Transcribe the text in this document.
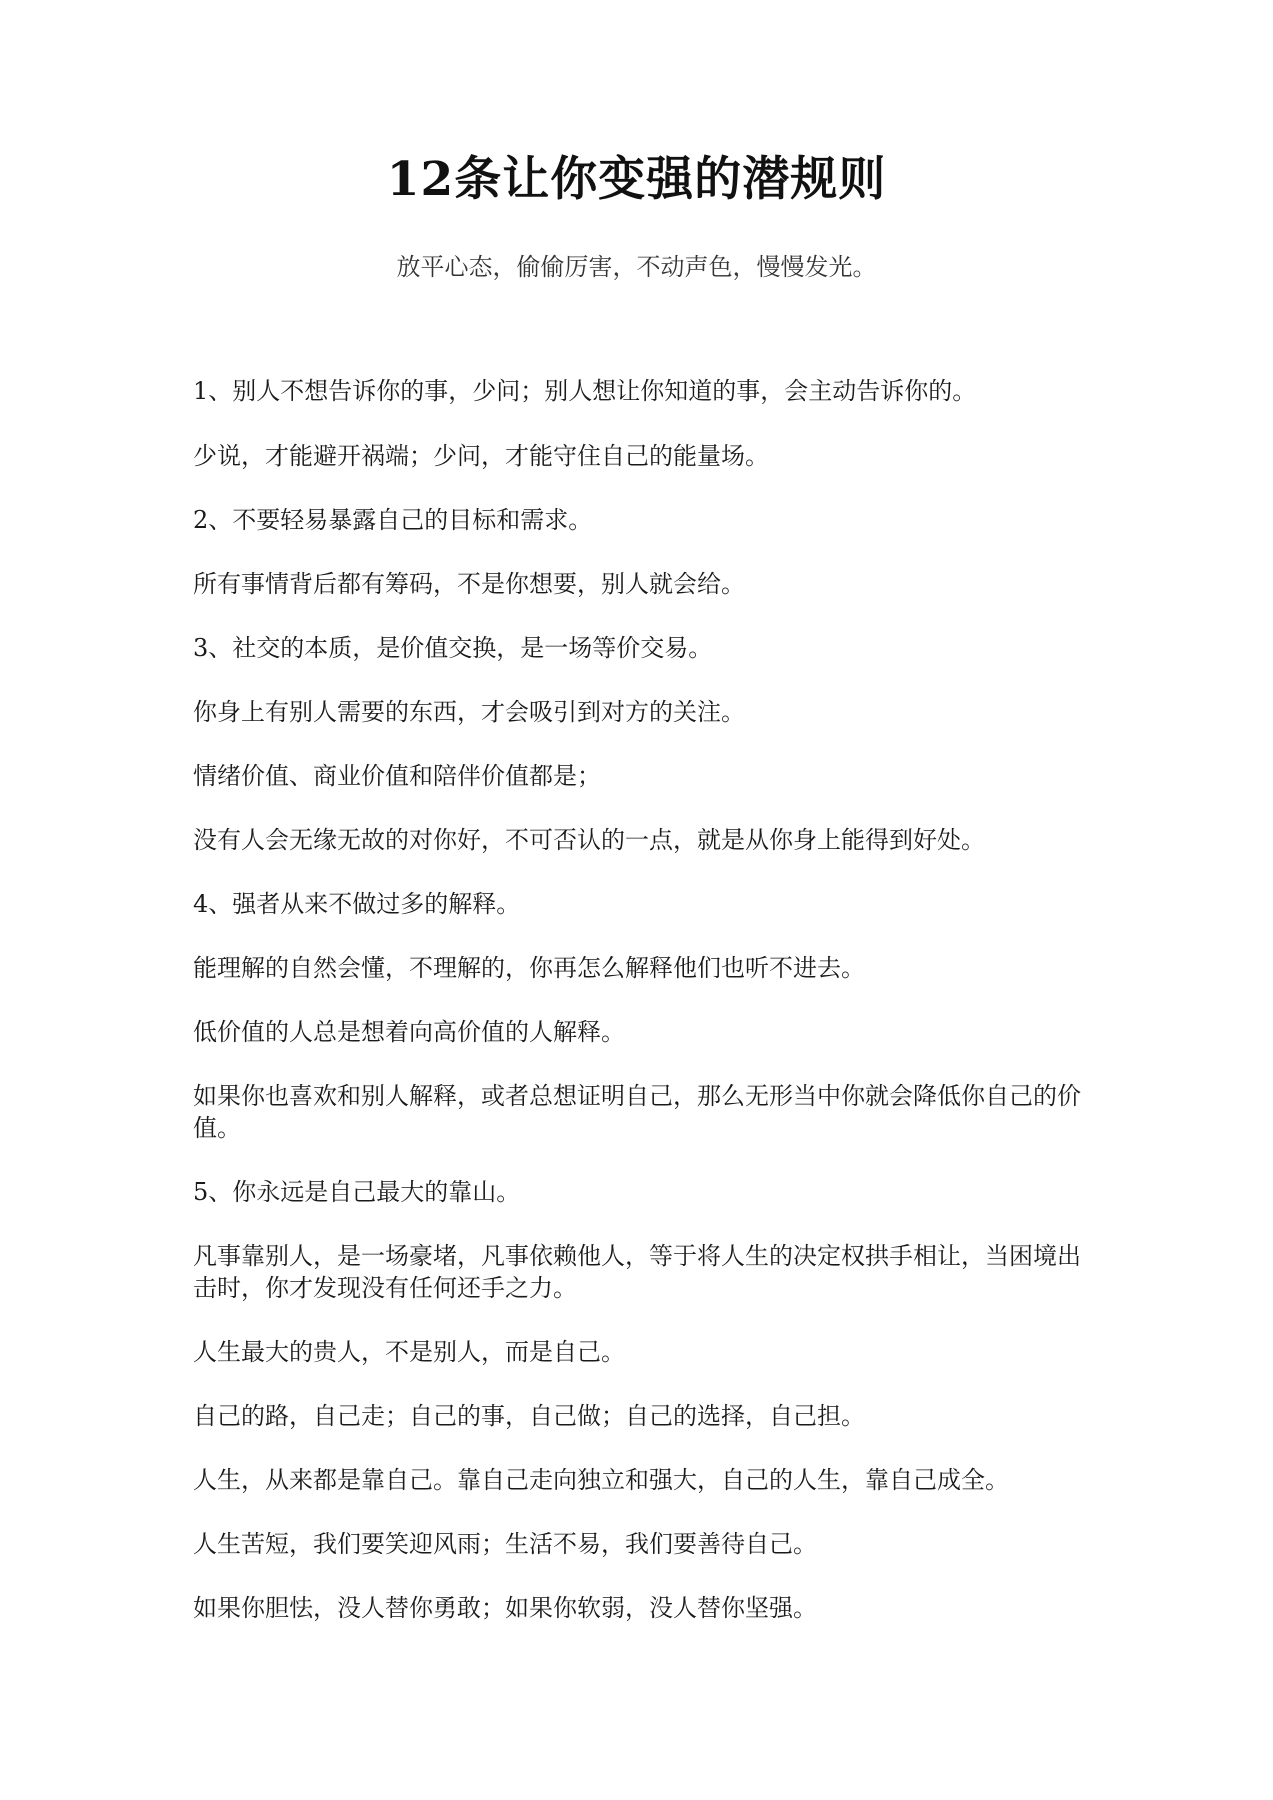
12条让你变强的潜规则
放平心态，偷偷厉害，不动声色，慢慢发光。

1、别人不想告诉你的事，少问；别人想让你知道的事，会主动告诉你的。

少说，才能避开祸端；少问，才能守住自己的能量场。

2、不要轻易暴露自己的目标和需求。

所有事情背后都有筹码，不是你想要，别人就会给。

3、社交的本质，是价值交换，是一场等价交易。

你身上有别人需要的东西，才会吸引到对方的关注。

情绪价值、商业价值和陪伴价值都是；

没有人会无缘无故的对你好，不可否认的一点，就是从你身上能得到好处。

4、强者从来不做过多的解释。

能理解的自然会懂，不理解的，你再怎么解释他们也听不进去。

低价值的人总是想着向高价值的人解释。

如果你也喜欢和别人解释，或者总想证明自己，那么无形当中你就会降低你自己的价值。

5、你永远是自己最大的靠山。

凡事靠别人，是一场豪堵，凡事依赖他人，等于将人生的决定权拱手相让，当困境出击时，你才发现没有任何还手之力。

人生最大的贵人，不是别人，而是自己。

自己的路，自己走；自己的事，自己做；自己的选择，自己担。

人生，从来都是靠自己。靠自己走向独立和强大，自己的人生，靠自己成全。

人生苦短，我们要笑迎风雨；生活不易，我们要善待自己。

如果你胆怯，没人替你勇敢；如果你软弱，没人替你坚强。
